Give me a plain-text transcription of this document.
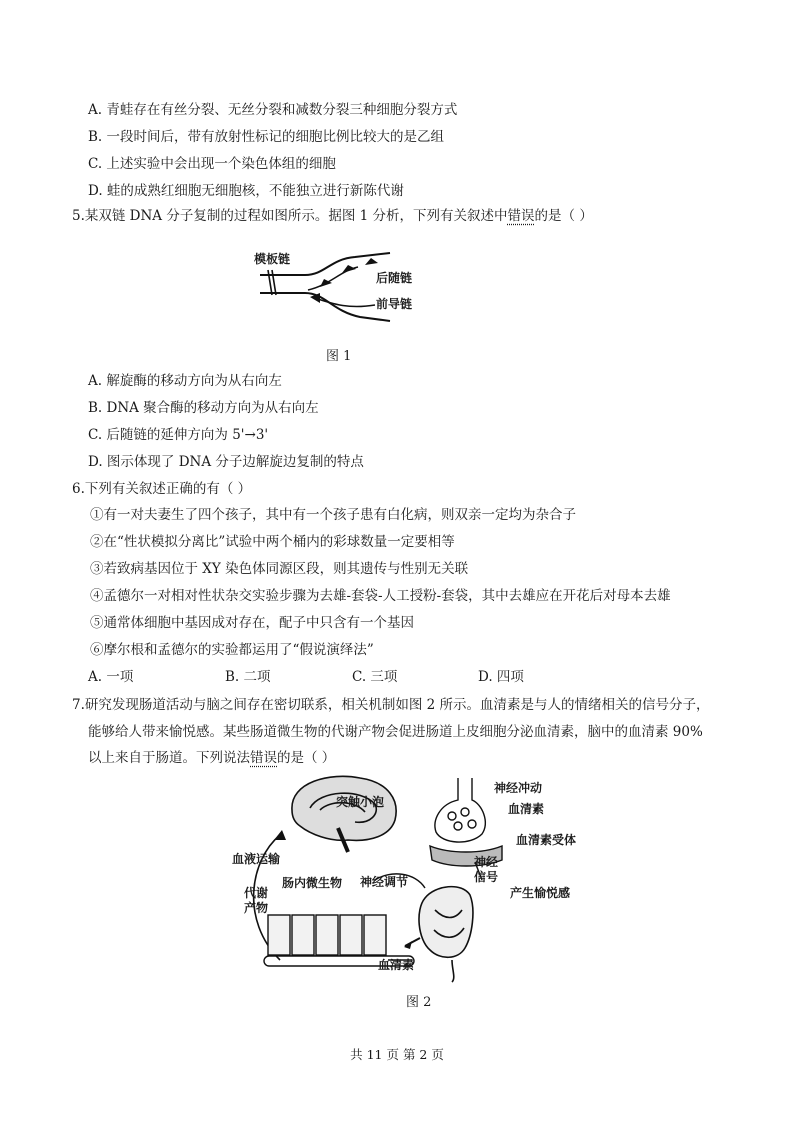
A. 青蛙存在有丝分裂、无丝分裂和减数分裂三种细胞分裂方式
B. 一段时间后，带有放射性标记的细胞比例比较大的是乙组
C. 上述实验中会出现一个染色体组的细胞
D. 蛙的成熟红细胞无细胞核，不能独立进行新陈代谢
5.某双链 DNA 分子复制的过程如图所示。据图 1 分析，下列有关叙述中错误的是（ ）
模板链
后随链
前导链
图 1
A. 解旋酶的移动方向为从右向左
B. DNA 聚合酶的移动方向为从右向左
C. 后随链的延伸方向为 5'→3'
D. 图示体现了 DNA 分子边解旋边复制的特点
6.下列有关叙述正确的有（ ）
①有一对夫妻生了四个孩子，其中有一个孩子患有白化病，则双亲一定均为杂合子
②在“性状模拟分离比”试验中两个桶内的彩球数量一定要相等
③若致病基因位于 XY 染色体同源区段，则其遗传与性别无关联
④孟德尔一对相对性状杂交实验步骤为去雄-套袋-人工授粉-套袋，其中去雄应在开花后对母本去雄
⑤通常体细胞中基因成对存在，配子中只含有一个基因
⑥摩尔根和孟德尔的实验都运用了“假说演绎法”
A. 一项	B. 二项	C. 三项	D. 四项
7.研究发现肠道活动与脑之间存在密切联系，相关机制如图 2 所示。血清素是与人的情绪相关的信号分子，
能够给人带来愉悦感。某些肠道微生物的代谢产物会促进肠道上皮细胞分泌血清素，脑中的血清素 90%
以上来自于肠道。下列说法错误的是（ ）
突触小泡
神经冲动
血清素
血清素受体
神经信号
产生愉悦感
血液运输
肠内微生物 神经调节
代谢产物
血清素
图 2
共 11 页 第 2 页
